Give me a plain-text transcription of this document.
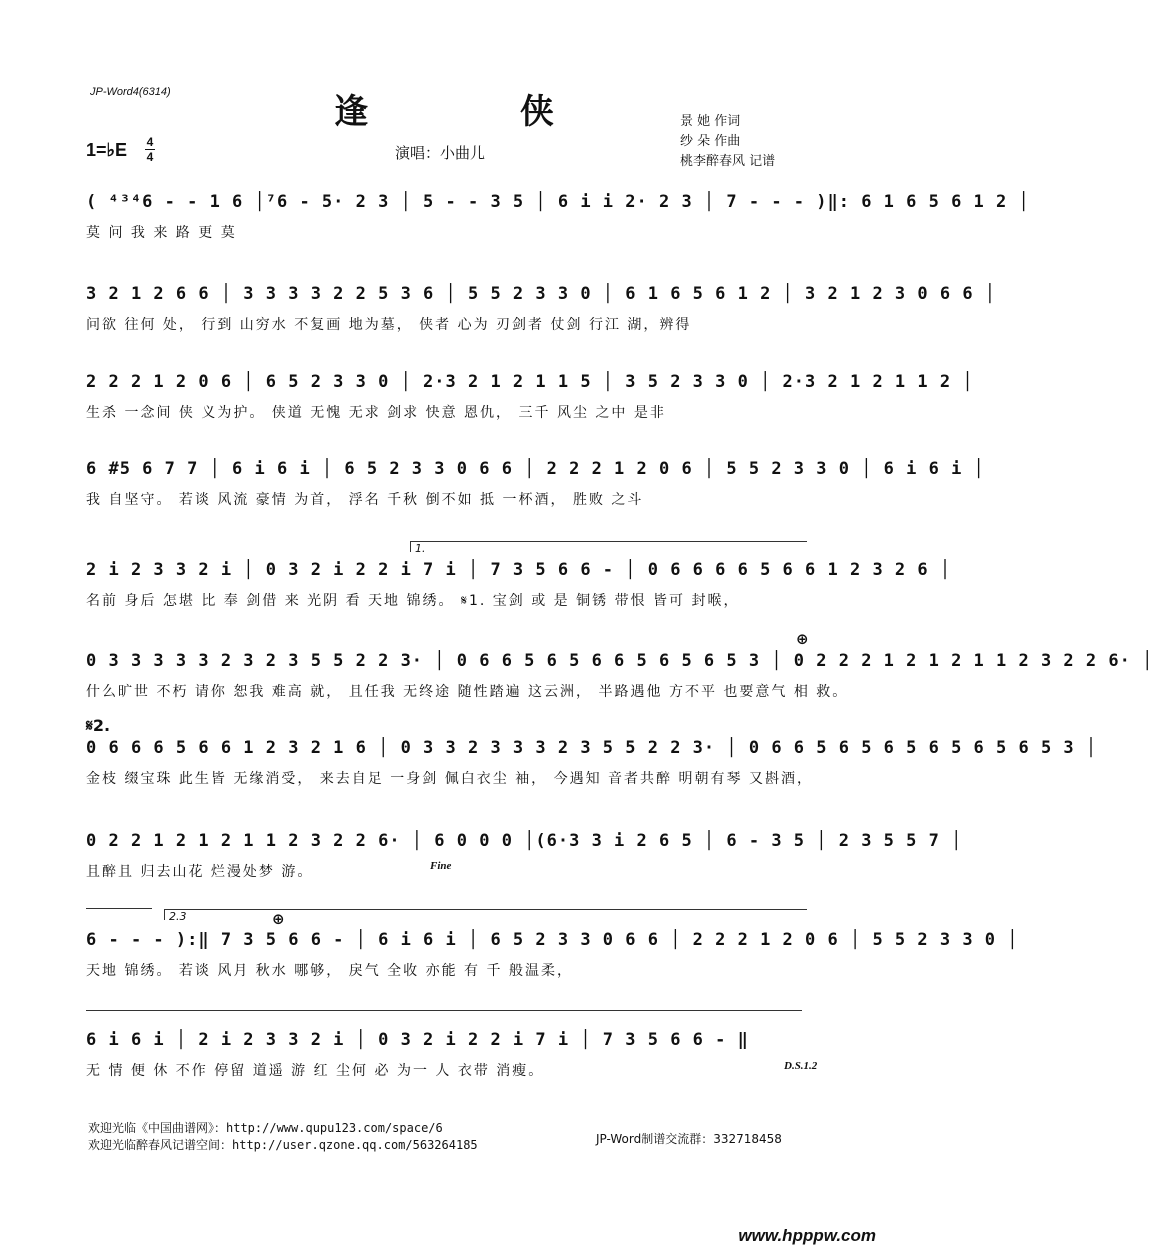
JP-Word4(6314)	逢 侠
1=♭E 4
4	演唱：小曲儿
景 她 作词
纱 朵 作曲
桃李醉春风 记谱
( ⁴³⁴6 - - 1 6 │⁷6 - 5· 2 3 │ 5 - - 3 5 │ 6 i i 2· 2 3 │ 7 - - - )‖: 6 1 6 5 6 1 2 │
莫 问 我 来 路 更 莫
3 2 1 2 6 6 │ 3 3 3 3 2 2 5 3 6 │ 5 5 2 3 3 0 │ 6 1 6 5 6 1 2 │ 3 2 1 2 3 0 6 6 │
问欲 往何 处， 行到 山穷水 不复画 地为墓， 侠者 心为 刃剑者 仗剑 行江 湖，辨得
2 2 2 1 2 0 6 │ 6 5 2 3 3 0 │ 2·3 2 1 2 1 1 5 │ 3 5 2 3 3 0 │ 2·3 2 1 2 1 1 2 │
生杀 一念间 侠 义为护。 侠道 无愧 无求 剑求 快意 恩仇， 三千 风尘 之中 是非
6 #5 6 7 7 │ 6 i 6 i │ 6 5 2 3 3 0 6 6 │ 2 2 2 1 2 0 6 │ 5 5 2 3 3 0 │ 6 i 6 i │
我 自坚守。 若谈 风流 豪情 为首， 浮名 千秋 倒不如 抵 一杯酒， 胜败 之斗
1.
2 i 2 3 3 2 i │ 0 3 2 i 2 2 i 7 i │ 7 3 5 6 6 - │ 0 6 6 6 6 5 6 6 1 2 3 2 6 │
名前 身后 怎堪 比 奉 剑借 来 光阴 看 天地 锦绣。 𝄋1. 宝剑 或 是 铜锈 带恨 皆可 封喉，
⊕
0 3 3 3 3 3 2 3 2 3 5 5 2 2 3· │ 0 6 6 5 6 5 6 6 5 6 5 6 5 3 │ 0 2 2 2 1 2 1 2 1 1 2 3 2 2 6· │
什么旷世 不朽 请你 恕我 难高 就， 且任我 无终途 随性踏遍 这云洲， 半路遇他 方不平 也要意气 相 救。
𝄋2.
0 6 6 6 5 6 6 1 2 3 2 1 6 │ 0 3 3 2 3 3 3 2 3 5 5 2 2 3· │ 0 6 6 5 6 5 6 5 6 5 6 5 6 5 3 │
金枝 缀宝珠 此生皆 无缘消受， 来去自足 一身剑 佩白衣尘 袖， 今遇知 音者共醉 明朝有琴 又斟酒，
0 2 2 1 2 1 2 1 1 2 3 2 2 6· │ 6 0 0 0 │(6·3 3 i 2 6 5 │ 6 - 3 5 │ 2 3 5 5 7 │
且醉且 归去山花 烂漫处梦 游。	Fine
2.3	⊕
6 - - - ):‖ 7 3 5 6 6 - │ 6 i 6 i │ 6 5 2 3 3 0 6 6 │ 2 2 2 1 2 0 6 │ 5 5 2 3 3 0 │
天地 锦绣。 若谈 风月 秋水 哪够， 戾气 全收 亦能 有 千 般温柔，
6 i 6 i │ 2 i 2 3 3 2 i │ 0 3 2 i 2 2 i 7 i │ 7 3 5 6 6 - ‖
无 情 便 休 不作 停留 道遥 游 红 尘何 必 为一 人 衣带 消瘦。	D.S.1.2
欢迎光临《中国曲谱网》：http://www.qupu123.com/space/6
欢迎光临醉春风记谱空间：http://user.qzone.qq.com/563264185	JP-Word制谱交流群：332718458
www.hpppw.com
